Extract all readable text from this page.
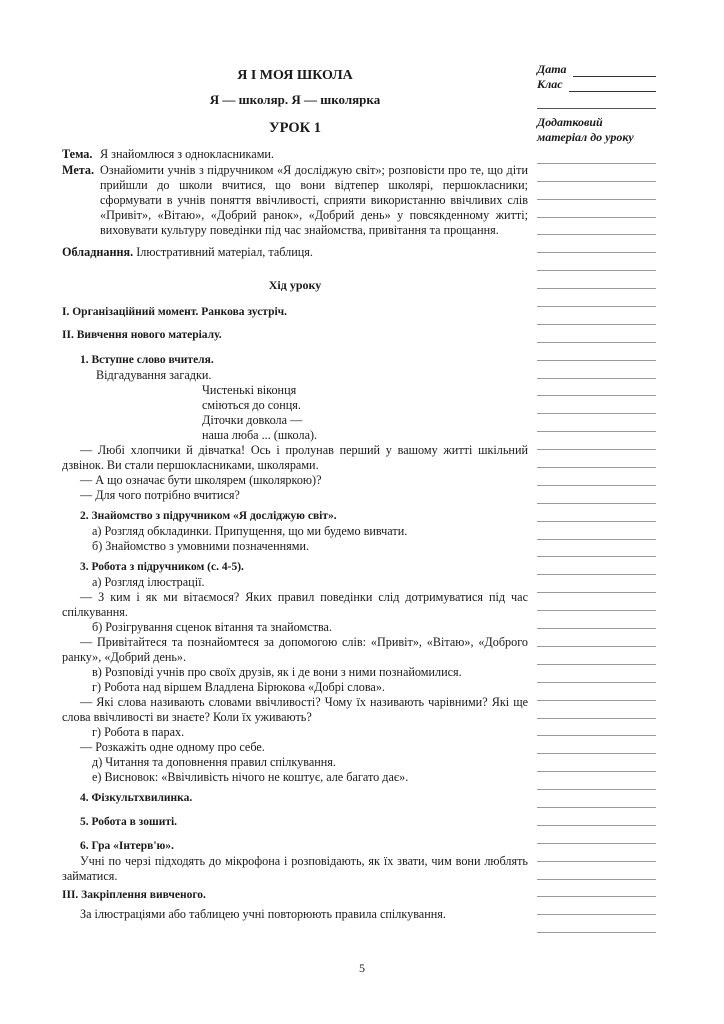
Я І МОЯ ШКОЛА
Я — школяр. Я — школярка
УРОК 1
Тема. Я знайомлюся з однокласниками.
Мета. Ознайомити учнів з підручником «Я досліджую світ»; розповісти про те, що діти прийшли до школи вчитися, що вони відтепер школярі, першокласники; сформувати в учнів поняття ввічливості, сприяти використанню ввічливих слів «Привіт», «Вітаю», «Добрий ранок», «Добрий день» у повсякденному житті; виховувати культуру поведінки під час знайомства, привітання та прощання.
Обладнання. Ілюстративний матеріал, таблиця.
Хід уроку
I. Організаційний момент. Ранкова зустріч.
II. Вивчення нового матеріалу.
1. Вступне слово вчителя.
Відгадування загадки.
Чистенькі віконця
сміються до сонця.
Діточки довкола —
наша люба ... (школа).
— Любі хлопчики й дівчатка! Ось і пролунав перший у вашому житті шкільний дзвінок. Ви стали першокласниками, школярами.
— А що означає бути школярем (школяркою)?
— Для чого потрібно вчитися?
2. Знайомство з підручником «Я досліджую світ».
а) Розгляд обкладинки. Припущення, що ми будемо вивчати.
б) Знайомство з умовними позначеннями.
3. Робота з підручником (с. 4-5).
а) Розгляд ілюстрації.
— З ким і як ми вітаємося? Яких правил поведінки слід дотримуватися під час спілкування.
б) Розігрування сценок вітання та знайомства.
— Привітайтеся та познайомтеся за допомогою слів: «Привіт», «Вітаю», «Доброго ранку», «Добрий день».
в) Розповіді учнів про своїх друзів, як і де вони з ними познайомилися.
г) Робота над віршем Владлена Бірюкова «Добрі слова».
— Які слова називають словами ввічливості? Чому їх називають чарівними? Які ще слова ввічливості ви знаєте? Коли їх уживають?
г) Робота в парах.
— Розкажіть одне одному про себе.
д) Читання та доповнення правил спілкування.
е) Висновок: «Ввічливість нічого не коштує, але багато дає».
4. Фізкультхвилинка.
5. Робота в зошиті.
6. Гра «Інтерв'ю».
Учні по черзі підходять до мікрофона і розповідають, як їх звати, чим вони люблять займатися.
III. Закріплення вивченого.
За ілюстраціями або таблицею учні повторюють правила спілкування.
Дата
Клас
Додатковий
матеріал до уроку
5
